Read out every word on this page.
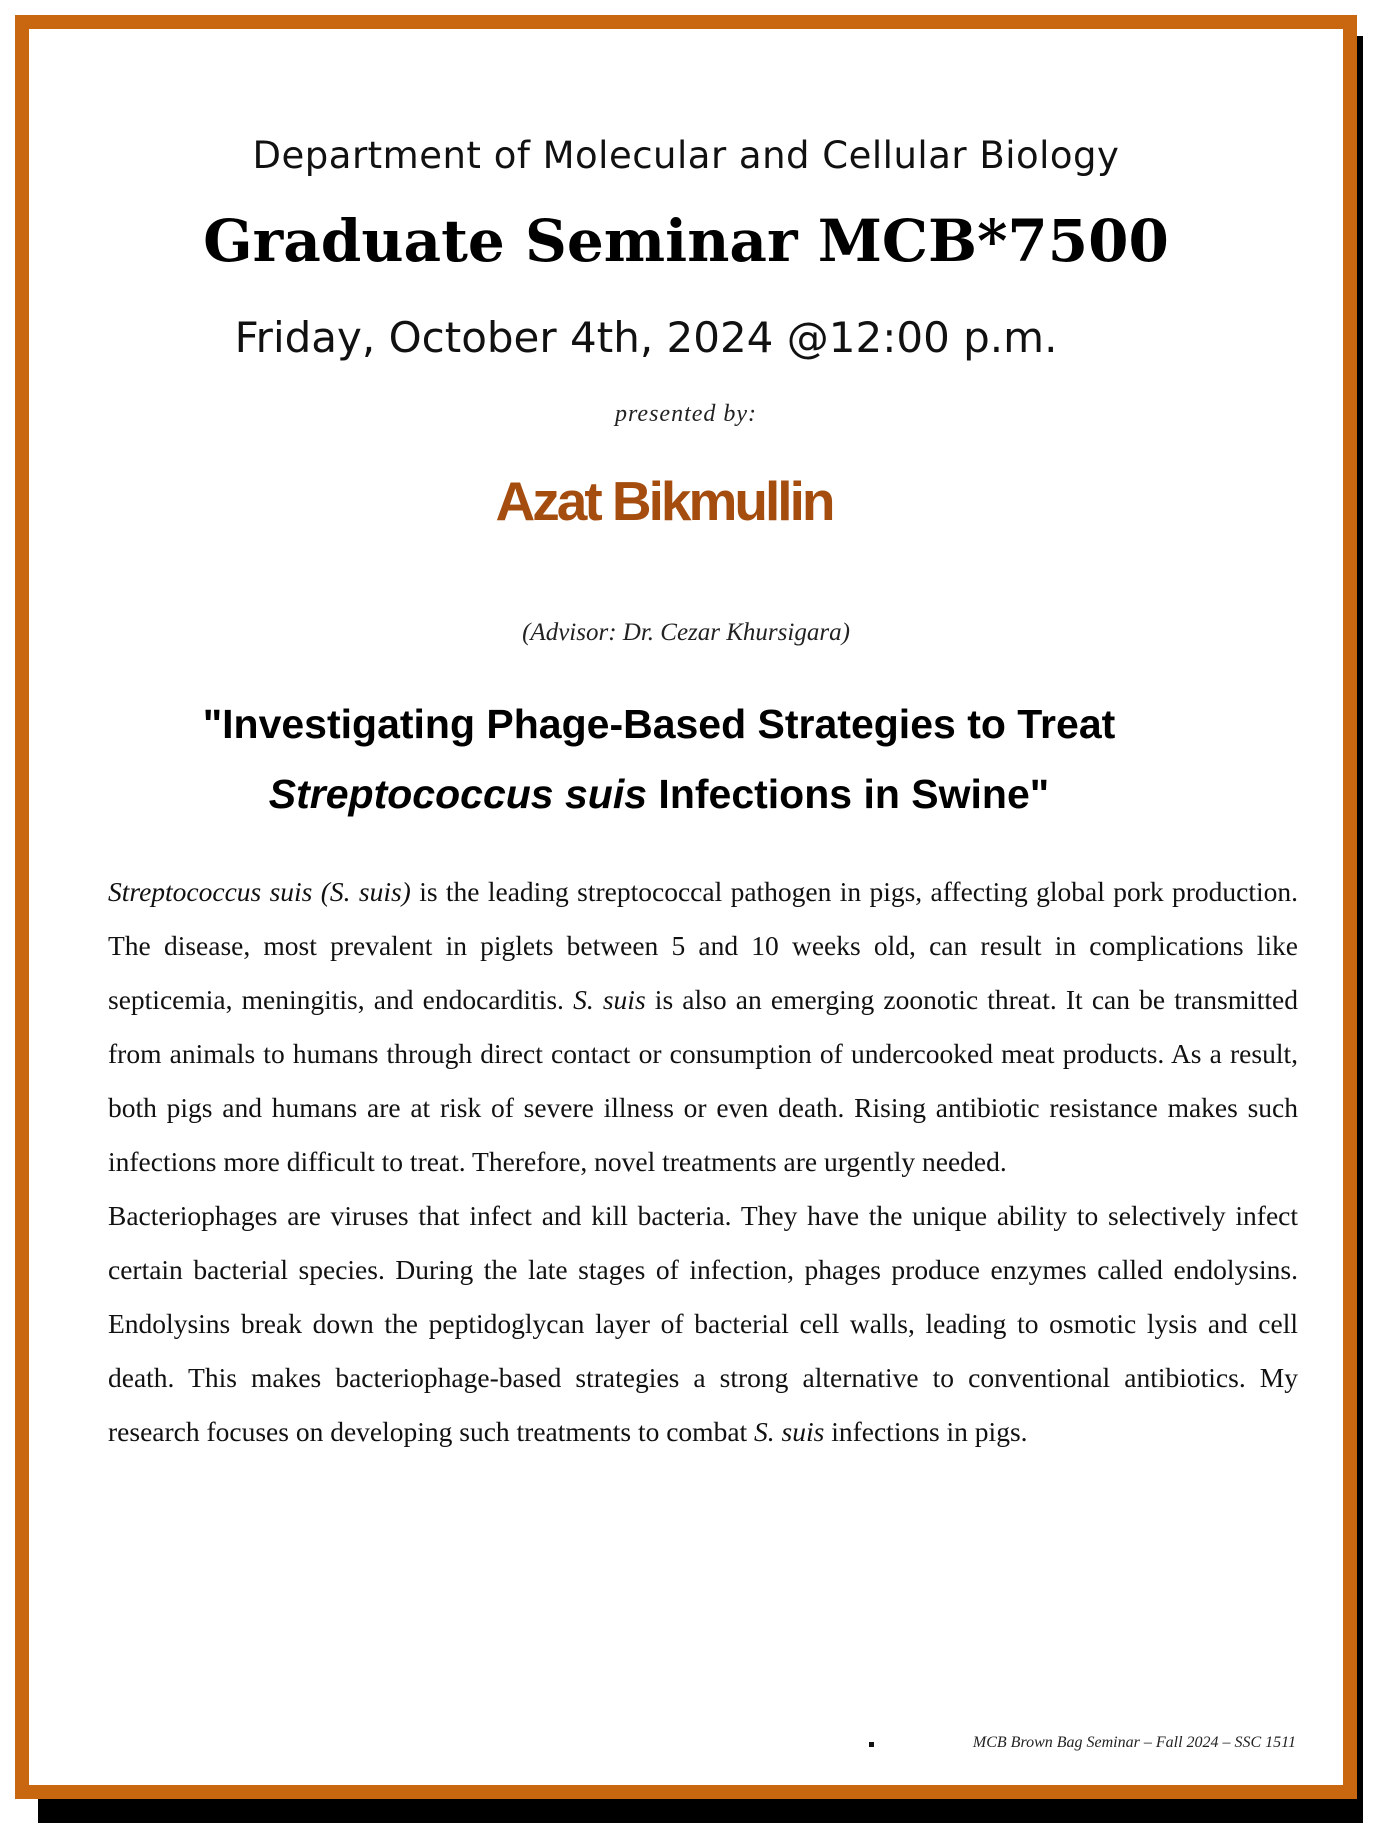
Department of Molecular and Cellular Biology
Graduate Seminar MCB*7500
Friday, October 4th, 2024 @12:00 p.m.
presented by:
Azat Bikmullin
(Advisor: Dr. Cezar Khursigara)
"Investigating Phage-Based Strategies to Treat
Streptococcus suis Infections in Swine"

Streptococcus suis (S. suis) is the leading streptococcal pathogen in pigs, affecting global pork production. The disease, most prevalent in piglets between 5 and 10 weeks old, can result in complications like septicemia, meningitis, and endocarditis. S. suis is also an emerging zoonotic threat. It can be transmitted from animals to humans through direct contact or consumption of undercooked meat products. As a result, both pigs and humans are at risk of severe illness or even death. Rising antibiotic resistance makes such infections more difficult to treat. Therefore, novel treatments are urgently needed.

Bacteriophages are viruses that infect and kill bacteria. They have the unique ability to selectively infect certain bacterial species. During the late stages of infection, phages produce enzymes called endolysins. Endolysins break down the peptidoglycan layer of bacterial cell walls, leading to osmotic lysis and cell death. This makes bacteriophage-based strategies a strong alternative to conventional antibiotics. My research focuses on developing such treatments to combat S. suis infections in pigs.

MCB Brown Bag Seminar – Fall 2024 – SSC 1511
